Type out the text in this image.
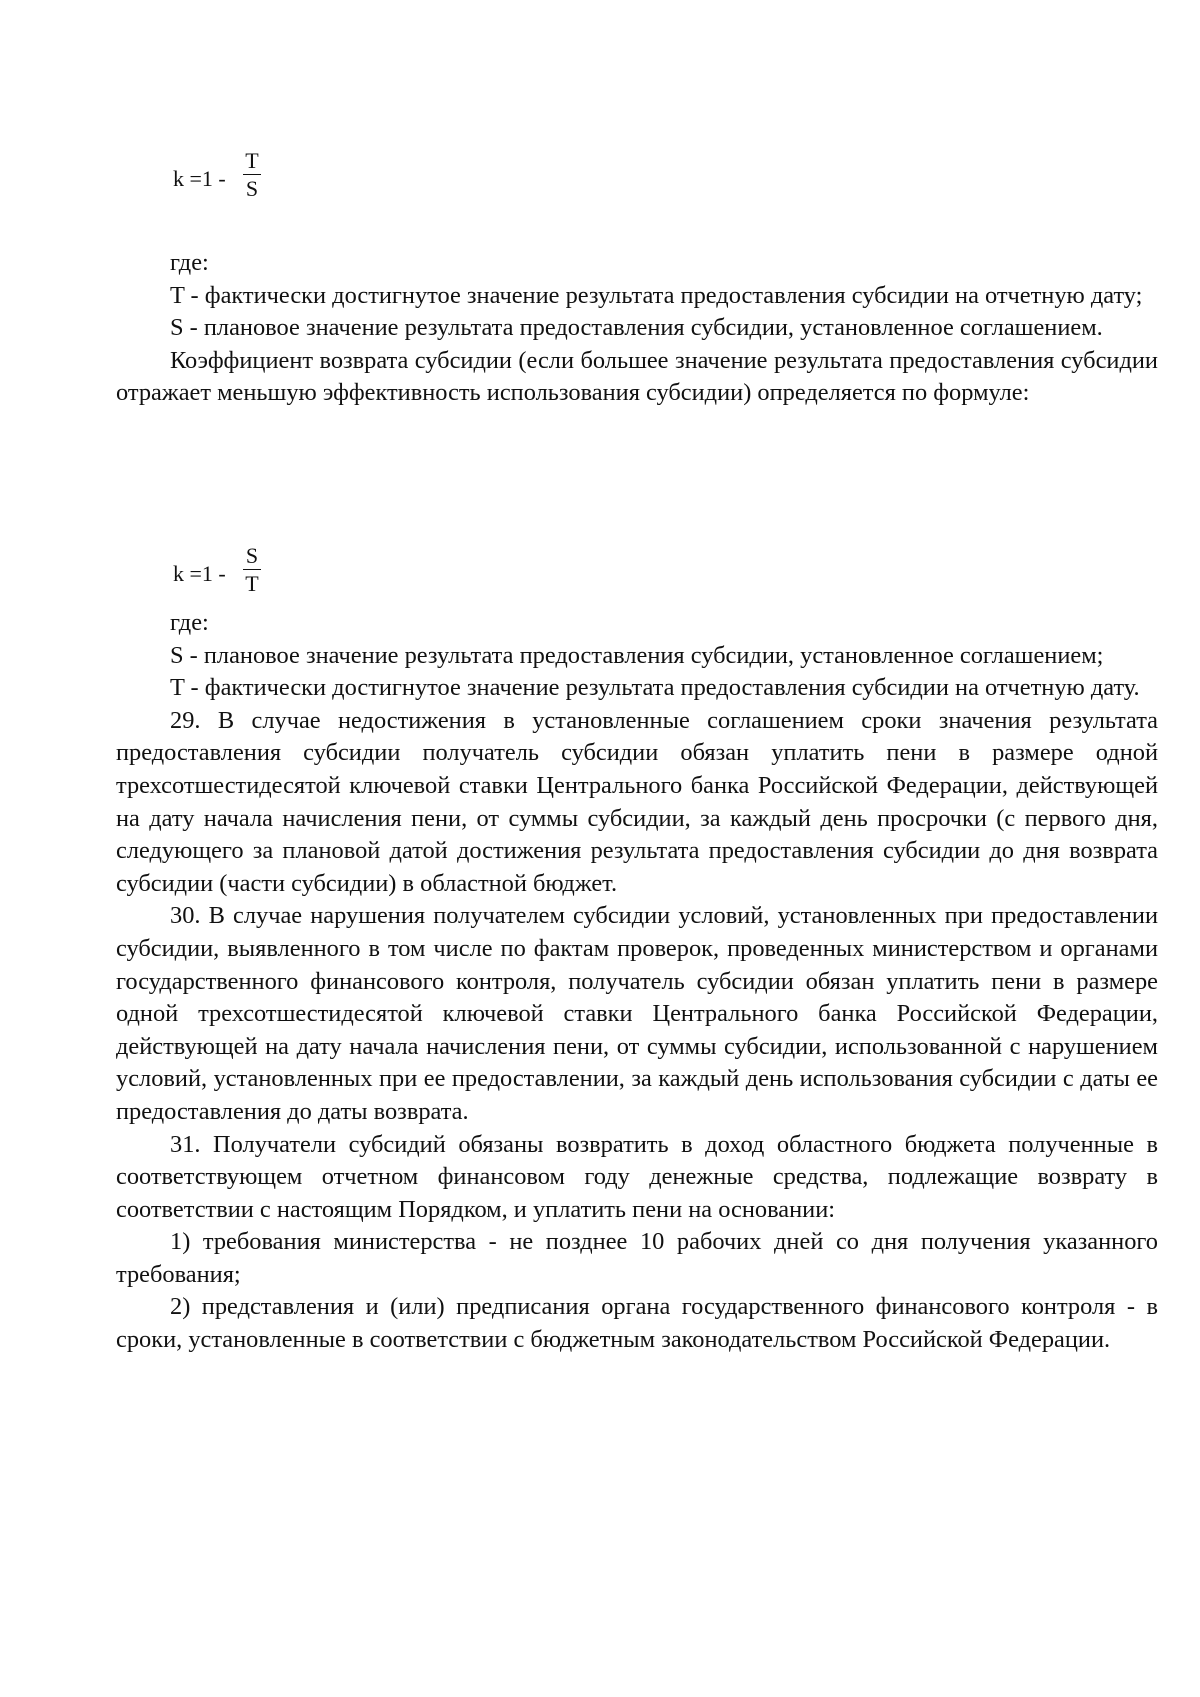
k =1 -
T
S

где:

T - фактически достигнутое значение результата предоставления субсидии на отчетную дату;

S - плановое значение результата предоставления субсидии, установленное соглашением.

Коэффициент возврата субсидии (если большее значение результата предоставления субсидии отражает меньшую эффективность использования субсидии) определяется по формуле:

k =1 -
S
T

где:

S - плановое значение результата предоставления субсидии, установленное соглашением;

T - фактически достигнутое значение результата предоставления субсидии на отчетную дату.

29. В случае недостижения в установленные соглашением сроки значения результата предоставления субсидии получатель субсидии обязан уплатить пени в размере одной трехсотшестидесятой ключевой ставки Центрального банка Российской Федерации, действующей на дату начала начисления пени, от суммы субсидии, за каждый день просрочки (с первого дня, следующего за плановой датой достижения результата предоставления субсидии до дня возврата субсидии (части субсидии) в областной бюджет.

30. В случае нарушения получателем субсидии условий, установленных при предоставлении субсидии, выявленного в том числе по фактам проверок, проведенных министерством и органами государственного финансового контроля, получатель субсидии обязан уплатить пени в размере одной трехсотшестидесятой ключевой ставки Центрального банка Российской Федерации, действующей на дату начала начисления пени, от суммы субсидии, использованной с нарушением условий, установленных при ее предоставлении, за каждый день использования субсидии с даты ее предоставления до даты возврата.

31. Получатели субсидий обязаны возвратить в доход областного бюджета полученные в соответствующем отчетном финансовом году денежные средства, подлежащие возврату в соответствии с настоящим Порядком, и уплатить пени на основании:

1) требования министерства - не позднее 10 рабочих дней со дня получения указанного требования;

2) представления и (или) предписания органа государственного финансового контроля - в сроки, установленные в соответствии с бюджетным законодательством Российской Федерации.
